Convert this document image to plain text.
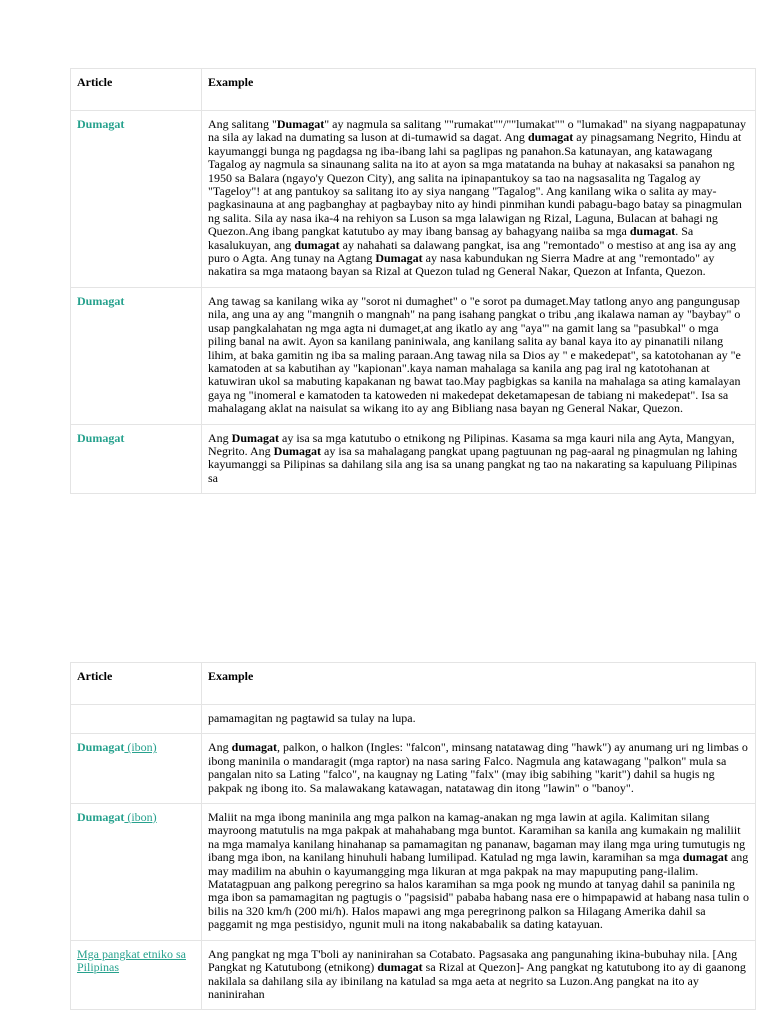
Article	Example
Dumagat	Ang salitang "Dumagat" ay nagmula sa salitang ""rumakat""/""lumakat"" o "lumakad" na siyang nagpapatunay na sila ay lakad na dumating sa luson at di-tumawid sa dagat. Ang dumagat ay pinagsamang Negrito, Hindu at kayumanggi bunga ng pagdagsa ng iba-ibang lahi sa paglipas ng panahon.Sa katunayan, ang katawagang Tagalog ay nagmula sa sinaunang salita na ito at ayon sa mga matatanda na buhay at nakasaksi sa panahon ng 1950 sa Balara (ngayo'y Quezon City), ang salita na ipinapantukoy sa tao na nagsasalita ng Tagalog ay "Tageloy"! at ang pantukoy sa salitang ito ay siya nangang "Tagalog". Ang kanilang wika o salita ay may-pagkasinauna at ang pagbanghay at pagbaybay nito ay hindi pinmihan kundi pabagu-bago batay sa pinagmulan ng salita. Sila ay nasa ika-4 na rehiyon sa Luson sa mga lalawigan ng Rizal, Laguna, Bulacan at bahagi ng Quezon.Ang ibang pangkat katutubo ay may ibang bansag ay bahagyang naiiba sa mga dumagat. Sa kasalukuyan, ang dumagat ay nahahati sa dalawang pangkat, isa ang "remontado" o mestiso at ang isa ay ang puro o Agta. Ang tunay na Agtang Dumagat ay nasa kabundukan ng Sierra Madre at ang "remontado" ay nakatira sa mga mataong bayan sa Rizal at Quezon tulad ng General Nakar, Quezon at Infanta, Quezon.
Dumagat	Ang tawag sa kanilang wika ay "sorot ni dumaghet" o "e sorot pa dumaget.May tatlong anyo ang pangungusap nila, ang una ay ang "mangnih o mangnah" na pang isahang pangkat o tribu ,ang ikalawa naman ay "baybay" o usap pangkalahatan ng mga agta ni dumaget,at ang ikatlo ay ang "aya"' na gamit lang sa "pasubkal" o mga piling banal na awit. Ayon sa kanilang paniniwala, ang kanilang salita ay banal kaya ito ay pinanatili nilang lihim, at baka gamitin ng iba sa maling paraan.Ang tawag nila sa Dios ay " e makedepat", sa katotohanan ay "e kamatoden at sa kabutihan ay "kapionan".kaya naman mahalaga sa kanila ang pag iral ng katotohanan at katuwiran ukol sa mabuting kapakanan ng bawat tao.May pagbigkas sa kanila na mahalaga sa ating kamalayan gaya ng "inomeral e kamatoden ta katoweden ni makedepat deketamapesan de tabiang ni makedepat". Isa sa mahalagang aklat na naisulat sa wikang ito ay ang Bibliang nasa bayan ng General Nakar, Quezon.
Dumagat	Ang Dumagat ay isa sa mga katutubo o etnikong ng Pilipinas. Kasama sa mga kauri nila ang Ayta, Mangyan, Negrito. Ang Dumagat ay isa sa mahalagang pangkat upang pagtuunan ng pag-aaral ng pinagmulan ng lahing kayumanggi sa Pilipinas sa dahilang sila ang isa sa unang pangkat ng tao na nakarating sa kapuluang Pilipinas sa
Article	Example
	pamamagitan ng pagtawid sa tulay na lupa.
Dumagat (ibon)	Ang dumagat, palkon, o halkon (Ingles: "falcon", minsang natatawag ding "hawk") ay anumang uri ng limbas o ibong maninila o mandaragit (mga raptor) na nasa saring Falco. Nagmula ang katawagang "palkon" mula sa pangalan nito sa Lating "falco", na kaugnay ng Lating "falx" (may ibig sabihing "karit") dahil sa hugis ng pakpak ng ibong ito. Sa malawakang katawagan, natatawag din itong "lawin" o "banoy".
Dumagat (ibon)	Maliit na mga ibong maninila ang mga palkon na kamag-anakan ng mga lawin at agila. Kalimitan silang mayroong matutulis na mga pakpak at mahahabang mga buntot. Karamihan sa kanila ang kumakain ng maliliit na mga mamalya kanilang hinahanap sa pamamagitan ng pananaw, bagaman may ilang mga uring tumutugis ng ibang mga ibon, na kanilang hinuhuli habang lumilipad. Katulad ng mga lawin, karamihan sa mga dumagat ang may madilim na abuhin o kayumangging mga likuran at mga pakpak na may mapuputing pang-ilalim. Matatagpuan ang palkong peregrino sa halos karamihan sa mga pook ng mundo at tanyag dahil sa paninila ng mga ibon sa pamamagitan ng pagtugis o "pagsisid" pababa habang nasa ere o himpapawid at habang nasa tulin o bilis na 320 km/h (200 mi/h). Halos mapawi ang mga peregrinong palkon sa Hilagang Amerika dahil sa paggamit ng mga pestisidyo, ngunit muli na itong nakababalik sa dating katayuan.
Mga pangkat etniko sa Pilipinas	Ang pangkat ng mga T'boli ay naninirahan sa Cotabato. Pagsasaka ang pangunahing ikina-bubuhay nila. [Ang Pangkat ng Katutubong (etnikong) dumagat sa Rizal at Quezon]- Ang pangkat ng katutubong ito ay di gaanong nakilala sa dahilang sila ay ibinilang na katulad sa mga aeta at negrito sa Luzon.Ang pangkat na ito ay naninirahan
